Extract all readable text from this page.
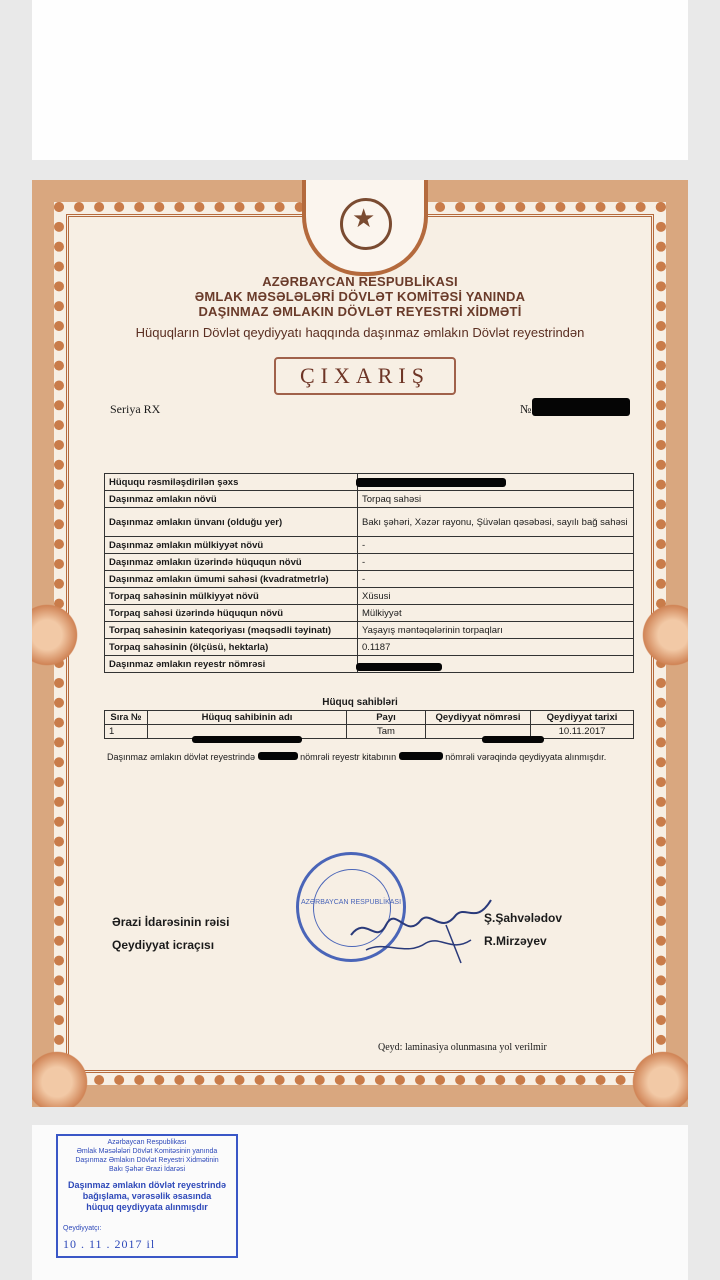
★
AZƏRBAYCAN RESPUBLİKASI
ƏMLAK MƏSƏLƏLƏRİ DÖVLƏT KOMİTƏSİ YANINDA
DAŞINMAZ ƏMLAKIN DÖVLƏT REYESTRİ XİDMƏTİ
Hüquqların Dövlət qeydiyyatı haqqında daşınmaz əmlakın Dövlət reyestrindən
ÇIXARIŞ
Seriya RX	№
Hüququ rəsmiləşdirilən şəxs	
Daşınmaz əmlakın növü	Torpaq sahəsi
Daşınmaz əmlakın ünvanı (olduğu yer)	Bakı şəhəri, Xəzər rayonu, Şüvəlan qəsəbəsi, sayılı bağ sahəsi
Daşınmaz əmlakın mülkiyyət növü	-
Daşınmaz əmlakın üzərində hüququn növü	-
Daşınmaz əmlakın ümumi sahəsi (kvadratmetrlə)	-
Torpaq sahəsinin mülkiyyət növü	Xüsusi
Torpaq sahəsi üzərində hüququn növü	Mülkiyyət
Torpaq sahəsinin kateqoriyası (məqsədli təyinatı)	Yaşayış məntəqələrinin torpaqları
Torpaq sahəsinin (ölçüsü, hektarla)	0.1187
Daşınmaz əmlakın reyestr nömrəsi	
Hüquq sahibləri
Sıra №	Hüquq sahibinin adı	Payı	Qeydiyyat nömrəsi	Qeydiyyat tarixi
1		Tam		10.11.2017
Daşınmaz əmlakın dövlət reyestrində	nömrəli reyestr kitabının	nömrəli vərəqində qeydiyyata alınmışdır.
AZƏRBAYCAN RESPUBLİKASI
Ərazi İdarəsinin rəisi	Ş.Şahvələdov
Qeydiyyat icraçısı	R.Mirzəyev
Qeyd: laminasiya olunmasına yol verilmir
Azərbaycan Respublikası
Əmlak Məsələləri Dövlət Komitəsinin yanında
Daşınmaz Əmlakın Dövlət Reyestri Xidmətinin
Bakı Şəhər Ərazi İdarəsi
Daşınmaz əmlakın dövlət reyestrində
bağışlama, vərəsəlik əsasında
hüquq qeydiyyata alınmışdır
Qeydiyyatçı:
10 . 11 . 2017 il
